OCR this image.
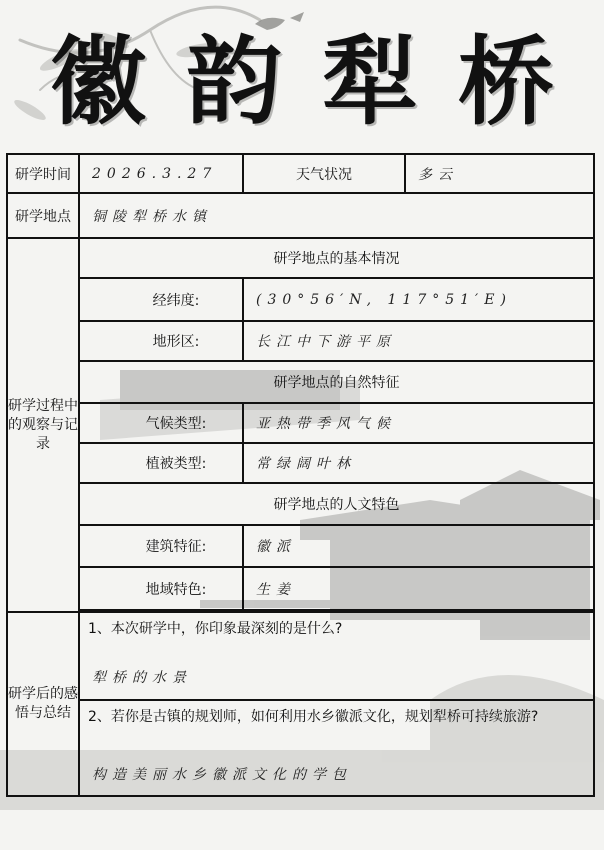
徽 韵 犁 桥
研学时间	2026.3.27	天气状况	多云
研学地点	铜陵犁桥水镇		
研学过程中的观察与记录	研学地点的基本情况		
	经纬度:	(30°56′N, 117°51′E)	
	地形区:	长江中下游平原	
	研学地点的自然特征		
	气候类型:	亚热带季风气候	
	植被类型:	常绿阔叶林	
	研学地点的人文特色		
	建筑特征:	徽派	
	地域特色:	生姜	

研学后的感悟与总结	1、本次研学中，你印象最深刻的是什么?		
	犁桥的水景		
	2、若你是古镇的规划师，如何利用水乡徽派文化，规划犁桥可持续旅游?		
	构造美丽水乡徽派文化的学包		
